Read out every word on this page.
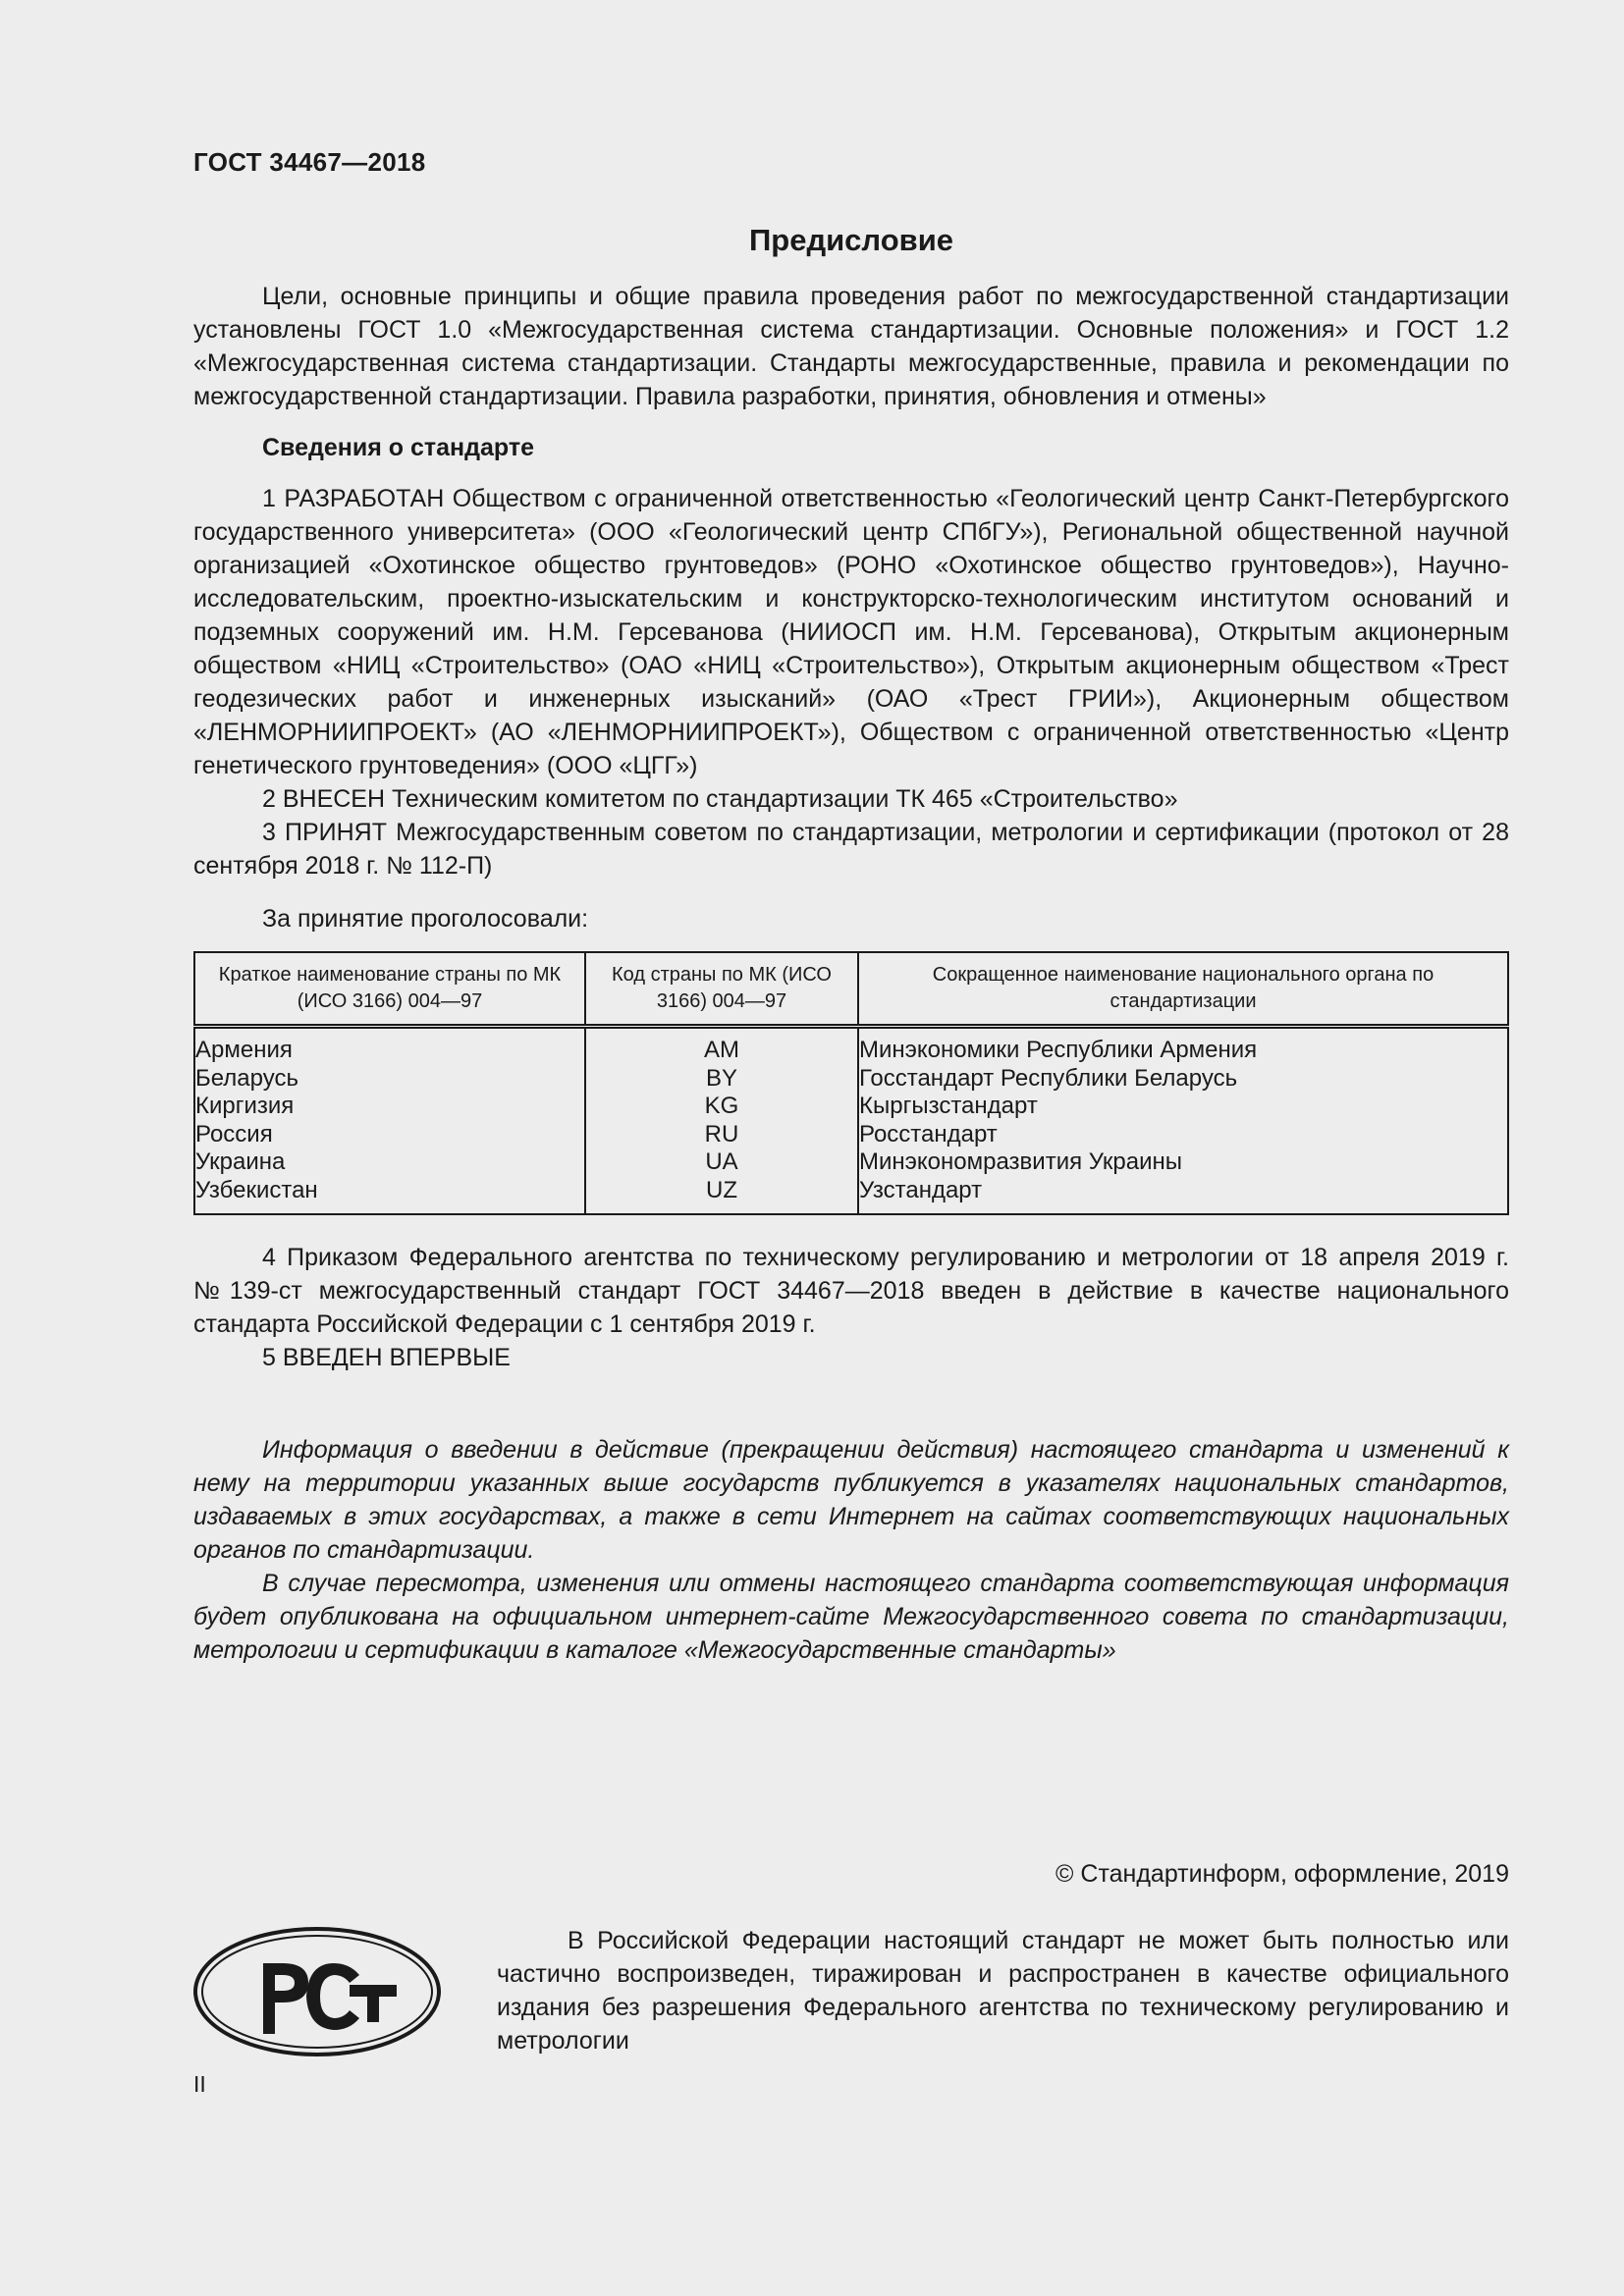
ГОСТ 34467—2018
Предисловие

Цели, основные принципы и общие правила проведения работ по межгосударственной стандартизации установлены ГОСТ 1.0 «Межгосударственная система стандартизации. Основные положения» и ГОСТ 1.2 «Межгосударственная система стандартизации. Стандарты межгосударственные, правила и рекомендации по межгосударственной стандартизации. Правила разработки, принятия, обновления и отмены»

Сведения о стандарте

1 РАЗРАБОТАН Обществом с ограниченной ответственностью «Геологический центр Санкт-Петербургского государственного университета» (ООО «Геологический центр СПбГУ»), Региональной общественной научной организацией «Охотинское общество грунтоведов» (РОНО «Охотинское общество грунтоведов»), Научно-исследовательским, проектно-изыскательским и конструкторско-технологическим институтом оснований и подземных сооружений им. Н.М. Герсеванова (НИИОСП им. Н.М. Герсеванова), Открытым акционерным обществом «НИЦ «Строительство» (ОАО «НИЦ «Строительство»), Открытым акционерным обществом «Трест геодезических работ и инженерных изысканий» (ОАО «Трест ГРИИ»), Акционерным обществом «ЛЕНМОРНИИПРОЕКТ» (АО «ЛЕНМОРНИИПРОЕКТ»), Обществом с ограниченной ответственностью «Центр генетического грунтоведения» (ООО «ЦГГ»)

2 ВНЕСЕН Техническим комитетом по стандартизации ТК 465 «Строительство»

3 ПРИНЯТ Межгосударственным советом по стандартизации, метрологии и сертификации (протокол от 28 сентября 2018 г. № 112-П)

За принятие проголосовали:

Краткое наименование страны по МК (ИСО 3166) 004—97	Код страны по МК (ИСО 3166) 004—97	Сокращенное наименование национального органа по стандартизации
Армения	AM	Минэкономики Республики Армения
Беларусь	BY	Госстандарт Республики Беларусь
Киргизия	KG	Кыргызстандарт
Россия	RU	Росстандарт
Украина	UA	Минэкономразвития Украины
Узбекистан	UZ	Узстандарт

4 Приказом Федерального агентства по техническому регулированию и метрологии от 18 апреля 2019 г. №139-ст межгосударственный стандарт ГОСТ 34467—2018 введен в действие в качестве национального стандарта Российской Федерации с 1 сентября 2019 г.

5 ВВЕДЕН ВПЕРВЫЕ

Информация о введении в действие (прекращении действия) настоящего стандарта и изменений к нему на территории указанных выше государств публикуется в указателях национальных стандартов, издаваемых в этих государствах, а также в сети Интернет на сайтах соответствующих национальных органов по стандартизации.

В случае пересмотра, изменения или отмены настоящего стандарта соответствующая информация будет опубликована на официальном интернет-сайте Межгосударственного совета по стандартизации, метрологии и сертификации в каталоге «Межгосударственные стандарты»

© Стандартинформ, оформление, 2019

В Российской Федерации настоящий стандарт не может быть полностью или частично воспроизведен, тиражирован и распространен в качестве официального издания без разрешения Федерального агентства по техническому регулированию и метрологии

II
